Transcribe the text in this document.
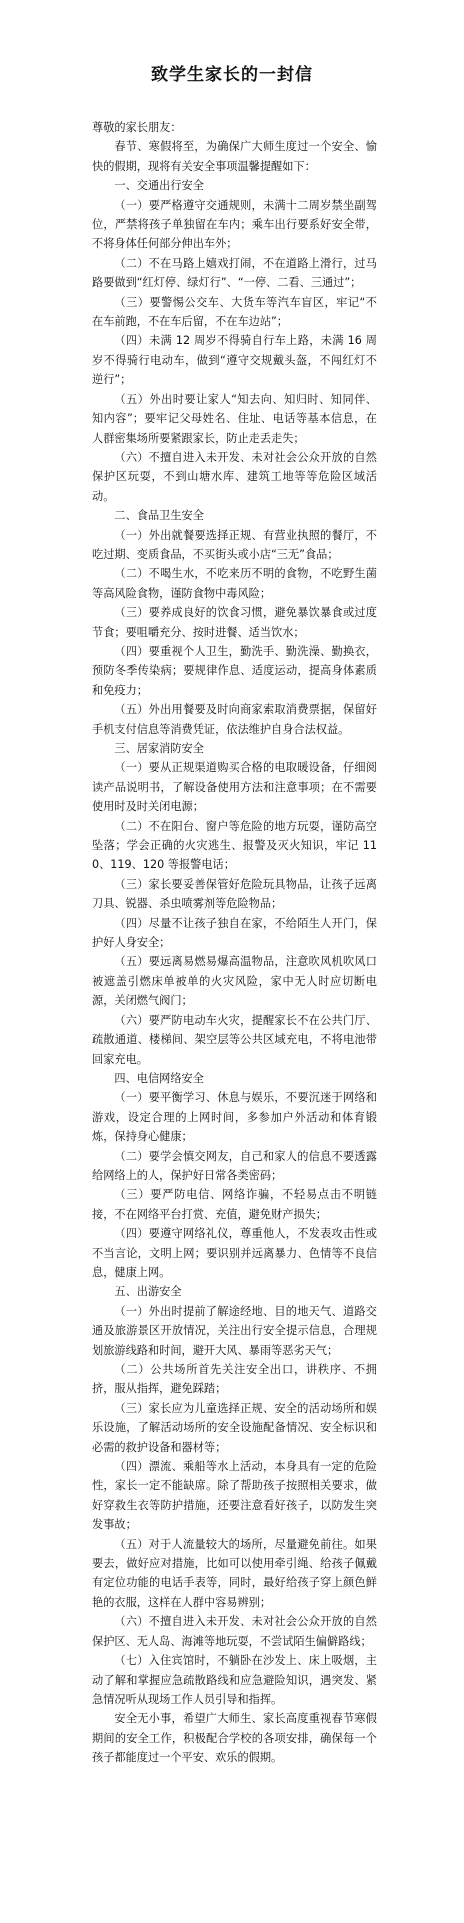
致学生家长的一封信

尊敬的家长朋友：

春节、寒假将至，为确保广大师生度过一个安全、愉快的假期，现将有关安全事项温馨提醒如下：

一、交通出行安全

（一）要严格遵守交通规则，未满十二周岁禁坐副驾位，严禁将孩子单独留在车内；乘车出行要系好安全带，不将身体任何部分伸出车外；

（二）不在马路上嬉戏打闹，不在道路上滑行，过马路要做到“红灯停、绿灯行”、“一停、二看、三通过”；

（三）要警惕公交车、大货车等汽车盲区，牢记“不在车前跑，不在车后留，不在车边站”；

（四）未满 12 周岁不得骑自行车上路，未满 16 周岁不得骑行电动车，做到“遵守交规戴头盔，不闯红灯不逆行”；

（五）外出时要让家人“知去向、知归时、知同伴、知内容”；要牢记父母姓名、住址、电话等基本信息，在人群密集场所要紧跟家长，防止走丢走失；

（六）不擅自进入未开发、未对社会公众开放的自然保护区玩耍，不到山塘水库、建筑工地等等危险区域活动。

二、食品卫生安全

（一）外出就餐要选择正规、有营业执照的餐厅，不吃过期、变质食品，不买街头或小店“三无”食品；

（二）不喝生水，不吃来历不明的食物，不吃野生菌等高风险食物，谨防食物中毒风险；

（三）要养成良好的饮食习惯，避免暴饮暴食或过度节食；要咀嚼充分、按时进餐、适当饮水；

（四）要重视个人卫生，勤洗手、勤洗澡、勤换衣，预防冬季传染病；要规律作息、适度运动，提高身体素质和免疫力；

（五）外出用餐要及时向商家索取消费票据，保留好手机支付信息等消费凭证，依法维护自身合法权益。

三、居家消防安全

（一）要从正规渠道购买合格的电取暖设备，仔细阅读产品说明书，了解设备使用方法和注意事项；在不需要使用时及时关闭电源；

（二）不在阳台、窗户等危险的地方玩耍，谨防高空坠落；学会正确的火灾逃生、报警及灭火知识，牢记 110、119、120 等报警电话；

（三）家长要妥善保管好危险玩具物品，让孩子远离刀具、锐器、杀虫喷雾剂等危险物品；

（四）尽量不让孩子独自在家，不给陌生人开门，保护好人身安全；

（五）要远离易燃易爆高温物品，注意吹风机吹风口被遮盖引燃床单被单的火灾风险，家中无人时应切断电源，关闭燃气阀门；

（六）要严防电动车火灾，提醒家长不在公共门厅、疏散通道、楼梯间、架空层等公共区域充电，不将电池带回家充电。

四、电信网络安全

（一）要平衡学习、休息与娱乐，不要沉迷于网络和游戏，设定合理的上网时间，多参加户外活动和体育锻炼，保持身心健康；

（二）要学会慎交网友，自己和家人的信息不要透露给网络上的人，保护好日常各类密码；

（三）要严防电信、网络诈骗，不轻易点击不明链接，不在网络平台打赏、充值，避免财产损失；

（四）要遵守网络礼仪，尊重他人，不发表攻击性或不当言论，文明上网；要识别并远离暴力、色情等不良信息，健康上网。

五、出游安全

（一）外出时提前了解途经地、目的地天气、道路交通及旅游景区开放情况，关注出行安全提示信息，合理规划旅游线路和时间，避开大风、暴雨等恶劣天气；

（二）公共场所首先关注安全出口，讲秩序、不拥挤，服从指挥，避免踩踏；

（三）家长应为儿童选择正规、安全的活动场所和娱乐设施，了解活动场所的安全设施配备情况、安全标识和必需的救护设备和器材等；

（四）漂流、乘船等水上活动，本身具有一定的危险性，家长一定不能缺席。除了帮助孩子按照相关要求，做好穿救生衣等防护措施，还要注意看好孩子，以防发生突发事故；

（五）对于人流量较大的场所，尽量避免前往。如果要去，做好应对措施，比如可以使用牵引绳、给孩子佩戴有定位功能的电话手表等，同时，最好给孩子穿上颜色鲜艳的衣服，这样在人群中容易辨别；

（六）不擅自进入未开发、未对社会公众开放的自然保护区、无人岛、海滩等地玩耍，不尝试陌生偏僻路线；

（七）入住宾馆时，不躺卧在沙发上、床上吸烟，主动了解和掌握应急疏散路线和应急避险知识，遇突发、紧急情况听从现场工作人员引导和指挥。

安全无小事，希望广大师生、家长高度重视春节寒假期间的安全工作，积极配合学校的各项安排，确保每一个孩子都能度过一个平安、欢乐的假期。
